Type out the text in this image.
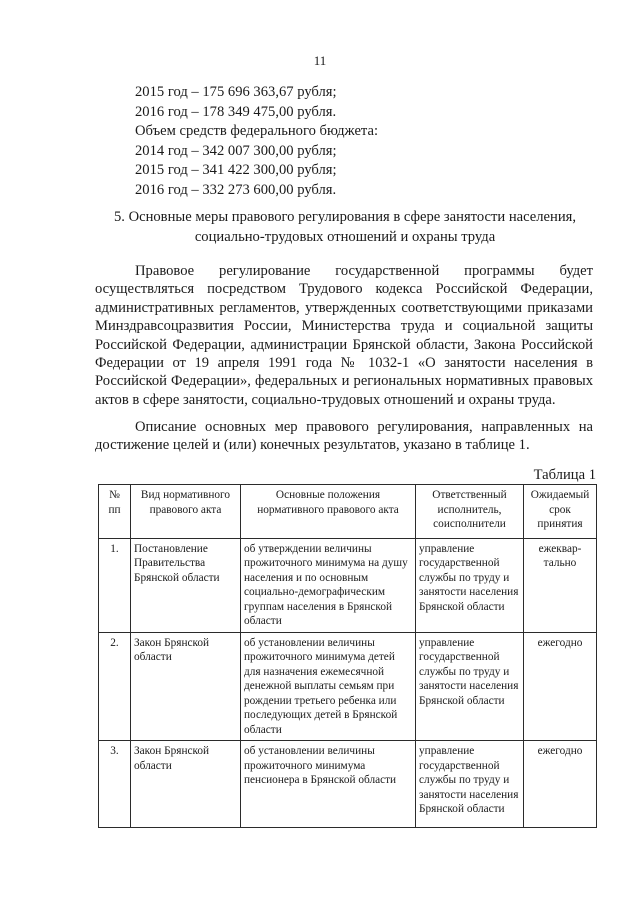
11
2015 год – 175 696 363,67 рубля;
2016 год – 178 349 475,00 рубля.
Объем средств федерального бюджета:
2014 год – 342 007 300,00 рубля;
2015 год – 341 422 300,00 рубля;
2016 год – 332 273 600,00 рубля.
5. Основные меры правового регулирования в сфере занятости населения,
социально-трудовых отношений и охраны труда
Правовое регулирование государственной программы будет осуществляться посредством Трудового кодекса Российской Федерации, административных регламентов, утвержденных соответствующими приказами Минздравсоцразвития России, Министерства труда и социальной защиты Российской Федерации, администрации Брянской области, Закона Российской Федерации от 19 апреля 1991 года № 1032-1 «О занятости населения в Российской Федерации», федеральных и региональных нормативных правовых актов в сфере занятости, социально-трудовых отношений и охраны труда.
Описание основных мер правового регулирования, направленных на достижение целей и (или) конечных результатов, указано в таблице 1.
Таблица 1
№ пп	Вид нормативного правового акта	Основные положения нормативного правового акта	Ответственный исполнитель, соисполнители	Ожидаемый срок принятия
1.	Постановление Правительства Брянской области	об утверждении величины прожиточного минимума на душу населения и по основным социально-демографическим группам населения в Брянской области	управление государственной службы по труду и занятости населения Брянской области	ежеквар-тально
2.	Закон Брянской области	об установлении величины прожиточного минимума детей для назначения ежемесячной денежной выплаты семьям при рождении третьего ребенка или последующих детей в Брянской области	управление государственной службы по труду и занятости населения Брянской области	ежегодно
3.	Закон Брянской области	об установлении величины прожиточного минимума пенсионера в Брянской области	управление государственной службы по труду и занятости населения Брянской области	ежегодно
